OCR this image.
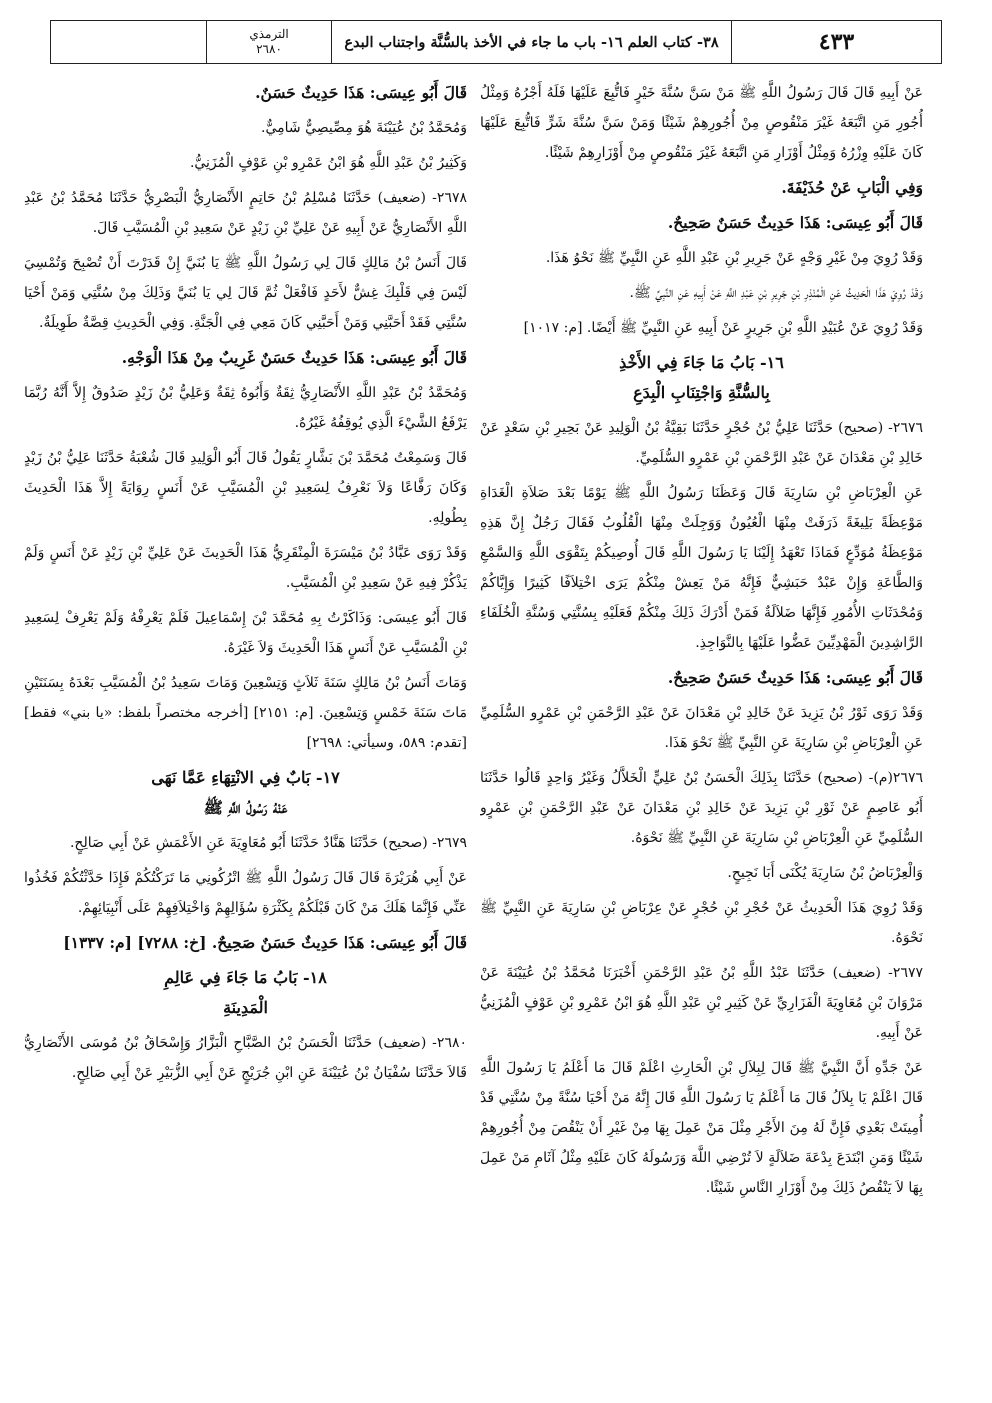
٤٣٣
٣٨- كتاب العلم ١٦- باب ما جاء في الأخذ بالسُّنَّة واجتناب البدع
الترمذي
٢٦٨٠

عَنْ أَبِيهِ قَالَ قَالَ رَسُولُ اللَّهِ ﷺ مَنْ سَنَّ سُنَّةَ خَيْرٍ فَاتُّبِعَ عَلَيْهَا فَلَهُ أَجْرُهُ وَمِثْلُ أُجُورِ مَنِ اتَّبَعَهُ غَيْرَ مَنْقُوصٍ مِنْ أُجُورِهِمْ شَيْئًا وَمَنْ سَنَّ سُنَّةَ شَرٍّ فَاتُّبِعَ عَلَيْهَا كَانَ عَلَيْهِ وِزْرُهُ وَمِثْلُ أَوْزَارِ مَنِ اتَّبَعَهُ غَيْرَ مَنْقُوصٍ مِنْ أَوْزَارِهِمْ شَيْئًا.

وَفِي الْبَابِ عَنْ حُذَيْفَةَ.

قَالَ أَبُو عِيسَى: هَذَا حَدِيثٌ حَسَنٌ صَحِيحٌ.

وَقَدْ رُوِيَ مِنْ غَيْرِ وَجْهٍ عَنْ جَرِيرِ بْنِ عَبْدِ اللَّهِ عَنِ النَّبِيِّ ﷺ نَحْوُ هَذَا.

وَقَدْ رُوِيَ هَذَا الْحَدِيثُ عَنِ الْمُنْذِرِ بْنِ جَرِيرِ بْنِ عَبْدِ اللَّهِ عَنْ أَبِيهِ عَنِ النَّبِيِّ ﷺ.

وَقَدْ رُوِيَ عَنْ عُبَيْدِ اللَّهِ بْنِ جَرِيرٍ عَنْ أَبِيهِ عَنِ النَّبِيِّ ﷺ أَيْضًا. [م: ١٠١٧]

١٦- بَابُ مَا جَاءَ فِي الأَخْذِ
بِالسُّنَّةِ وَاجْتِنَابِ الْبِدَعِ

٢٦٧٦- (صحيح) حَدَّثَنَا عَلِيُّ بْنُ حُجْرٍ حَدَّثَنَا بَقِيَّةُ بْنُ الْوَلِيدِ عَنْ بَحِيرِ بْنِ سَعْدٍ عَنْ خَالِدِ بْنِ مَعْدَانَ عَنْ عَبْدِ الرَّحْمَنِ بْنِ عَمْرٍو السُّلَمِيِّ.

عَنِ الْعِرْبَاضِ بْنِ سَارِيَةَ قَالَ وَعَظَنَا رَسُولُ اللَّهِ ﷺ يَوْمًا بَعْدَ صَلاَةِ الْغَدَاةِ مَوْعِظَةً بَلِيغَةً ذَرَفَتْ مِنْهَا الْعُيُونُ وَوَجِلَتْ مِنْهَا الْقُلُوبُ فَقَالَ رَجُلٌ إِنَّ هَذِهِ مَوْعِظَةُ مُوَدِّعٍ فَمَاذَا تَعْهَدُ إِلَيْنَا يَا رَسُولَ اللَّهِ قَالَ أُوصِيكُمْ بِتَقْوَى اللَّهِ وَالسَّمْعِ وَالطَّاعَةِ وَإِنْ عَبْدٌ حَبَشِيٌّ فَإِنَّهُ مَنْ يَعِشْ مِنْكُمْ يَرَى اخْتِلاَفًا كَثِيرًا وَإِيَّاكُمْ وَمُحْدَثَاتِ الأُمُورِ فَإِنَّهَا ضَلاَلَةٌ فَمَنْ أَدْرَكَ ذَلِكَ مِنْكُمْ فَعَلَيْهِ بِسُنَّتِي وَسُنَّةِ الْخُلَفَاءِ الرَّاشِدِينَ الْمَهْدِيِّينَ عَضُّوا عَلَيْهَا بِالنَّوَاجِذِ.

قَالَ أَبُو عِيسَى: هَذَا حَدِيثٌ حَسَنٌ صَحِيحٌ.

وَقَدْ رَوَى ثَوْرُ بْنُ يَزِيدَ عَنْ خَالِدِ بْنِ مَعْدَانَ عَنْ عَبْدِ الرَّحْمَنِ بْنِ عَمْرٍو السُّلَمِيِّ عَنِ الْعِرْبَاضِ بْنِ سَارِيَةَ عَنِ النَّبِيِّ ﷺ نَحْوَ هَذَا.

٢٦٧٦(م)- (صحيح) حَدَّثَنَا بِذَلِكَ الْحَسَنُ بْنُ عَلِيٍّ الْخَلاَّلُ وَغَيْرُ وَاحِدٍ قَالُوا حَدَّثَنَا أَبُو عَاصِمٍ عَنْ ثَوْرِ بْنِ يَزِيدَ عَنْ خَالِدِ بْنِ مَعْدَانَ عَنْ عَبْدِ الرَّحْمَنِ بْنِ عَمْرٍو السُّلَمِيِّ عَنِ الْعِرْبَاضِ بْنِ سَارِيَةَ عَنِ النَّبِيِّ ﷺ نَحْوَهُ.

وَالْعِرْبَاضُ بْنُ سَارِيَةَ يُكْنَى أَبَا نَجِيحٍ.

وَقَدْ رُوِيَ هَذَا الْحَدِيثُ عَنْ حُجْرِ بْنِ حُجْرٍ عَنْ عِرْبَاضِ بْنِ سَارِيَةَ عَنِ النَّبِيِّ ﷺ نَحْوَهُ.

٢٦٧٧- (ضعيف) حَدَّثَنَا عَبْدُ اللَّهِ بْنُ عَبْدِ الرَّحْمَنِ أَخْبَرَنَا مُحَمَّدُ بْنُ عُيَيْنَةَ عَنْ مَرْوَانَ بْنِ مُعَاوِيَةَ الْفَزَارِيِّ عَنْ كَثِيرِ بْنِ عَبْدِ اللَّهِ هُوَ ابْنُ عَمْرِو بْنِ عَوْفٍ الْمُزَنِيُّ عَنْ أَبِيهِ.

عَنْ جَدِّهِ أَنَّ النَّبِيَّ ﷺ قَالَ لِبِلاَلِ بْنِ الْحَارِثِ اعْلَمْ قَالَ مَا أَعْلَمُ يَا رَسُولَ اللَّهِ قَالَ اعْلَمْ يَا بِلاَلُ قَالَ مَا أَعْلَمُ يَا رَسُولَ اللَّهِ قَالَ إِنَّهُ مَنْ أَحْيَا سُنَّةً مِنْ سُنَّتِي قَدْ أُمِيتَتْ بَعْدِي فَإِنَّ لَهُ مِنَ الأَجْرِ مِثْلَ مَنْ عَمِلَ بِهَا مِنْ غَيْرِ أَنْ يَنْقُصَ مِنْ أُجُورِهِمْ شَيْئًا وَمَنِ ابْتَدَعَ بِدْعَةَ ضَلاَلَةٍ لاَ تُرْضِي اللَّهَ وَرَسُولَهُ كَانَ عَلَيْهِ مِثْلُ آثَامِ مَنْ عَمِلَ بِهَا لاَ يَنْقُصُ ذَلِكَ مِنْ أَوْزَارِ النَّاسِ شَيْئًا.

قَالَ أَبُو عِيسَى: هَذَا حَدِيثٌ حَسَنٌ.

وَمُحَمَّدُ بْنُ عُيَيْنَةَ هُوَ مِصِّيصِيٌّ شَامِيٌّ.

وَكَثِيرُ بْنُ عَبْدِ اللَّهِ هُوَ ابْنُ عَمْرِو بْنِ عَوْفٍ الْمُزَنِيُّ.

٢٦٧٨- (ضعيف) حَدَّثَنَا مُسْلِمُ بْنُ حَاتِمٍ الأَنْصَارِيُّ الْبَصْرِيُّ حَدَّثَنَا مُحَمَّدُ بْنُ عَبْدِ اللَّهِ الأَنْصَارِيُّ عَنْ أَبِيهِ عَنْ عَلِيِّ بْنِ زَيْدٍ عَنْ سَعِيدِ بْنِ الْمُسَيَّبِ قَالَ.

قَالَ أَنَسُ بْنُ مَالِكٍ قَالَ لِي رَسُولُ اللَّهِ ﷺ يَا بُنَيَّ إِنْ قَدَرْتَ أَنْ تُصْبِحَ وَتُمْسِيَ لَيْسَ فِي قَلْبِكَ غِشٌّ لأَحَدٍ فَافْعَلْ ثُمَّ قَالَ لِي يَا بُنَيَّ وَذَلِكَ مِنْ سُنَّتِي وَمَنْ أَحْيَا سُنَّتِي فَقَدْ أَحَبَّنِي وَمَنْ أَحَبَّنِي كَانَ مَعِي فِي الْجَنَّةِ. وَفِي الْحَدِيثِ قِصَّةٌ طَوِيلَةٌ.

قَالَ أَبُو عِيسَى: هَذَا حَدِيثٌ حَسَنٌ غَرِيبٌ مِنْ هَذَا الْوَجْهِ.

وَمُحَمَّدُ بْنُ عَبْدِ اللَّهِ الأَنْصَارِيُّ ثِقَةٌ وَأَبُوهُ ثِقَةٌ وَعَلِيُّ بْنُ زَيْدٍ صَدُوقٌ إِلاَّ أَنَّهُ رُبَّمَا يَرْفَعُ الشَّيْءَ الَّذِي يُوقِفُهُ غَيْرُهُ.

قَالَ وَسَمِعْتُ مُحَمَّدَ بْنَ بَشَّارٍ يَقُولُ قَالَ أَبُو الْوَلِيدِ قَالَ شُعْبَةُ حَدَّثَنَا عَلِيُّ بْنُ زَيْدٍ وَكَانَ رَفَّاعًا وَلاَ نَعْرِفُ لِسَعِيدِ بْنِ الْمُسَيَّبِ عَنْ أَنَسٍ رِوَايَةً إِلاَّ هَذَا الْحَدِيثَ بِطُولِهِ.

وَقَدْ رَوَى عَبَّادُ بْنُ مَيْسَرَةَ الْمِنْقَرِيُّ هَذَا الْحَدِيثَ عَنْ عَلِيِّ بْنِ زَيْدٍ عَنْ أَنَسٍ وَلَمْ يَذْكُرْ فِيهِ عَنْ سَعِيدِ بْنِ الْمُسَيَّبِ.

قَالَ أَبُو عِيسَى: وَذَاكَرْتُ بِهِ مُحَمَّدَ بْنَ إِسْمَاعِيلَ فَلَمْ يَعْرِفْهُ وَلَمْ يَعْرِفْ لِسَعِيدِ بْنِ الْمُسَيَّبِ عَنْ أَنَسٍ هَذَا الْحَدِيثَ وَلاَ غَيْرَهُ.

وَمَاتَ أَنَسُ بْنُ مَالِكٍ سَنَةَ ثَلاَثٍ وَتِسْعِينَ وَمَاتَ سَعِيدُ بْنُ الْمُسَيَّبِ بَعْدَهُ بِسَنَتَيْنِ مَاتَ سَنَةَ خَمْسٍ وَتِسْعِينَ. [م: ٢١٥١] [أخرجه مختصراً بلفظ: «يا بني» فقط] [تقدم: ٥٨٩، وسيأتي: ٢٦٩٨]

١٧- بَابٌ فِي الانْتِهَاءِ عَمَّا نَهَى
عَنْهُ رَسُولُ اللَّهِ ﷺ

٢٦٧٩- (صحيح) حَدَّثَنَا هَنَّادٌ حَدَّثَنَا أَبُو مُعَاوِيَةَ عَنِ الأَعْمَشِ عَنْ أَبِي صَالِحٍ.

عَنْ أَبِي هُرَيْرَةَ قَالَ قَالَ رَسُولُ اللَّهِ ﷺ اتْرُكُونِي مَا تَرَكْتُكُمْ فَإِذَا حَدَّثْتُكُمْ فَخُذُوا عَنِّي فَإِنَّمَا هَلَكَ مَنْ كَانَ قَبْلَكُمْ بِكَثْرَةِ سُؤَالِهِمْ وَاخْتِلاَفِهِمْ عَلَى أَنْبِيَائِهِمْ.

قَالَ أَبُو عِيسَى: هَذَا حَدِيثٌ حَسَنٌ صَحِيحٌ. [خ: ٧٢٨٨] [م: ١٣٣٧]

١٨- بَابُ مَا جَاءَ فِي عَالِمِ
الْمَدِينَةِ

٢٦٨٠- (ضعيف) حَدَّثَنَا الْحَسَنُ بْنُ الصَّبَّاحِ الْبَزَّارُ وَإِسْحَاقُ بْنُ مُوسَى الأَنْصَارِيُّ قَالاَ حَدَّثَنَا سُفْيَانُ بْنُ عُيَيْنَةَ عَنِ ابْنِ جُرَيْجٍ عَنْ أَبِي الزُّبَيْرِ عَنْ أَبِي صَالِحٍ.
